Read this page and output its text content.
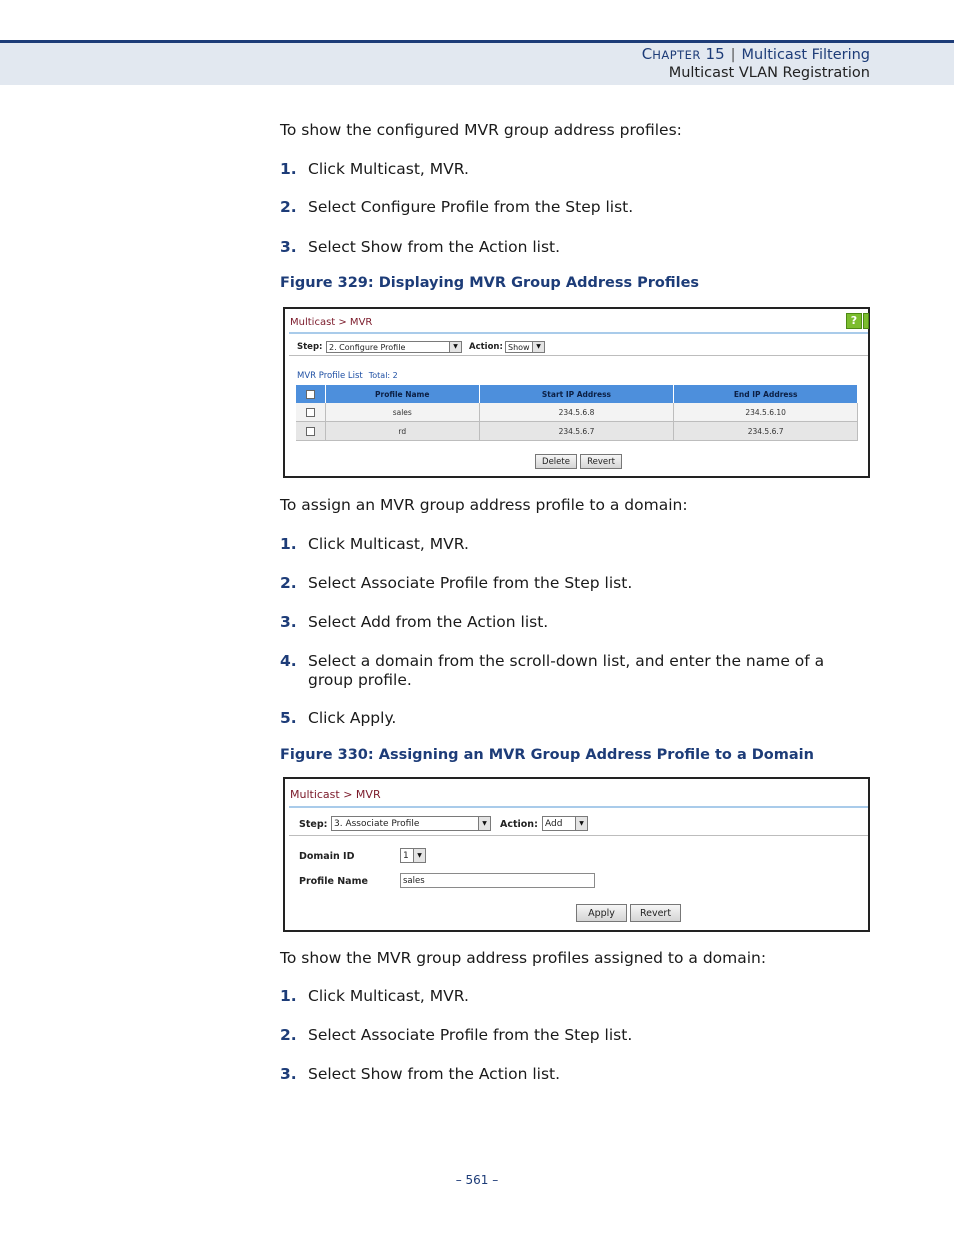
CHAPTER 15 | Multicast Filtering
Multicast VLAN Registration
To show the configured MVR group address profiles:
1. Click Multicast, MVR.
2. Select Configure Profile from the Step list.
3. Select Show from the Action list.
Figure 329: Displaying MVR Group Address Profiles
Multicast > MVR	?
Step: 2. Configure Profile	▼	Action: Show	▼
MVR Profile List Total: 2
	Profile Name	Start IP Address	End IP Address
	sales	234.5.6.8	234.5.6.10
	rd	234.5.6.7	234.5.6.7
Delete	Revert
To assign an MVR group address profile to a domain:
1. Click Multicast, MVR.
2. Select Associate Profile from the Step list.
3. Select Add from the Action list.
4. Select a domain from the scroll-down list, and enter the name of a group profile.
5. Click Apply.
Figure 330: Assigning an MVR Group Address Profile to a Domain
Multicast > MVR
Step: 3. Associate Profile	▼	Action: Add	▼
Domain ID	1	▼
Profile Name	sales
Apply	Revert
To show the MVR group address profiles assigned to a domain:
1. Click Multicast, MVR.
2. Select Associate Profile from the Step list.
3. Select Show from the Action list.
– 561 –
